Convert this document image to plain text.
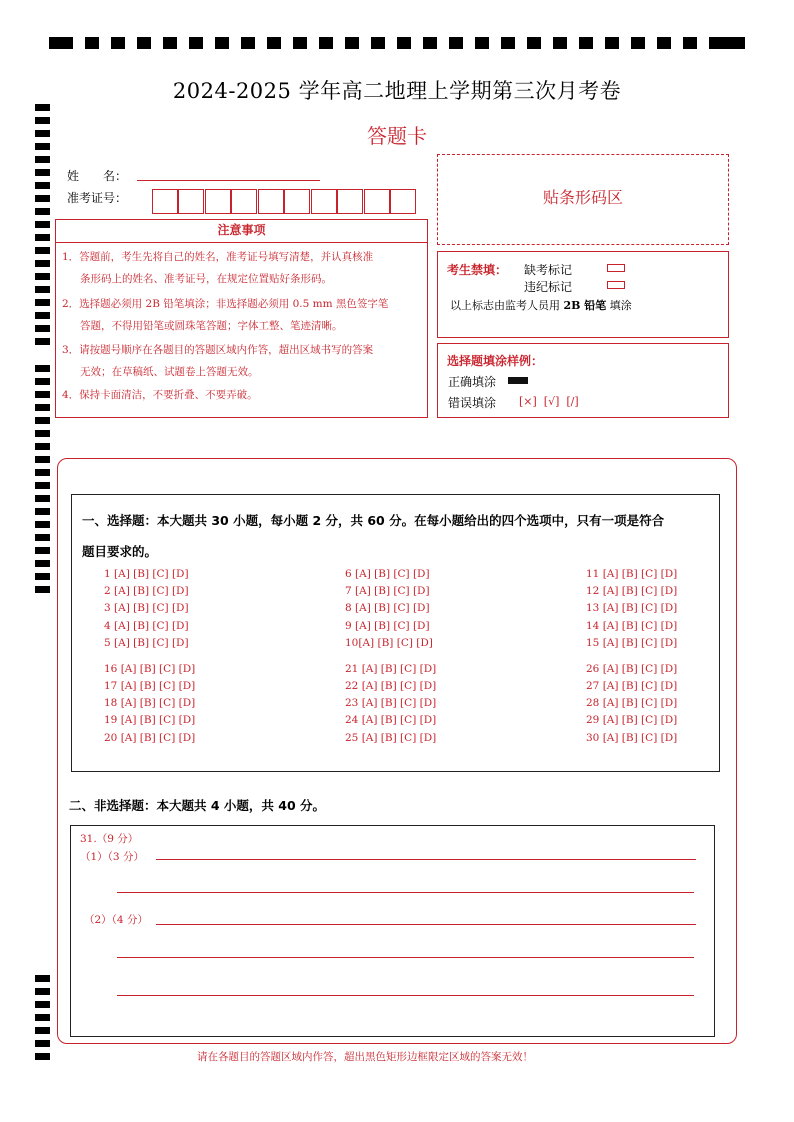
2024-2025 学年高二地理上学期第三次月考卷
答题卡
姓　　名：
准考证号：	贴条形码区
注意事项
1．答题前，考生先将自己的姓名，准考证号填写清楚，并认真核准
条形码上的姓名、准考证号，在规定位置贴好条形码。
2．选择题必须用 2B 铅笔填涂；非选择题必须用 0.5 mm 黑色签字笔
答题，不得用铅笔或圆珠笔答题；字体工整、笔迹清晰。
3．请按题号顺序在各题目的答题区域内作答，超出区域书写的答案
无效；在草稿纸、试题卷上答题无效。
4．保持卡面清洁，不要折叠、不要弄破。
考生禁填： 缺考标记
违纪标记
以上标志由监考人员用 2B 铅笔 填涂
选择题填涂样例：
正确填涂
错误填涂 [×]  [√]  [/]
一、选择题：本大题共 30 小题，每小题 2 分，共 60 分。在每小题给出的四个选项中，只有一项是符合
题目要求的。
1 [A] [B] [C] [D]
2 [A] [B] [C] [D]
3 [A] [B] [C] [D]
4 [A] [B] [C] [D]
5 [A] [B] [C] [D]
6 [A] [B] [C] [D]
7 [A] [B] [C] [D]
8 [A] [B] [C] [D]
9 [A] [B] [C] [D]
10[A] [B] [C] [D]
11 [A] [B] [C] [D]
12 [A] [B] [C] [D]
13 [A] [B] [C] [D]
14 [A] [B] [C] [D]
15 [A] [B] [C] [D]
16 [A] [B] [C] [D]
17 [A] [B] [C] [D]
18 [A] [B] [C] [D]
19 [A] [B] [C] [D]
20 [A] [B] [C] [D]
21 [A] [B] [C] [D]
22 [A] [B] [C] [D]
23 [A] [B] [C] [D]
24 [A] [B] [C] [D]
25 [A] [B] [C] [D]
26 [A] [B] [C] [D]
27 [A] [B] [C] [D]
28 [A] [B] [C] [D]
29 [A] [B] [C] [D]
30 [A] [B] [C] [D]
二、非选择题：本大题共 4 小题，共 40 分。
31.（9 分）
（1）（3 分）
（2）（4 分）
请在各题目的答题区域内作答，超出黑色矩形边框限定区域的答案无效！
